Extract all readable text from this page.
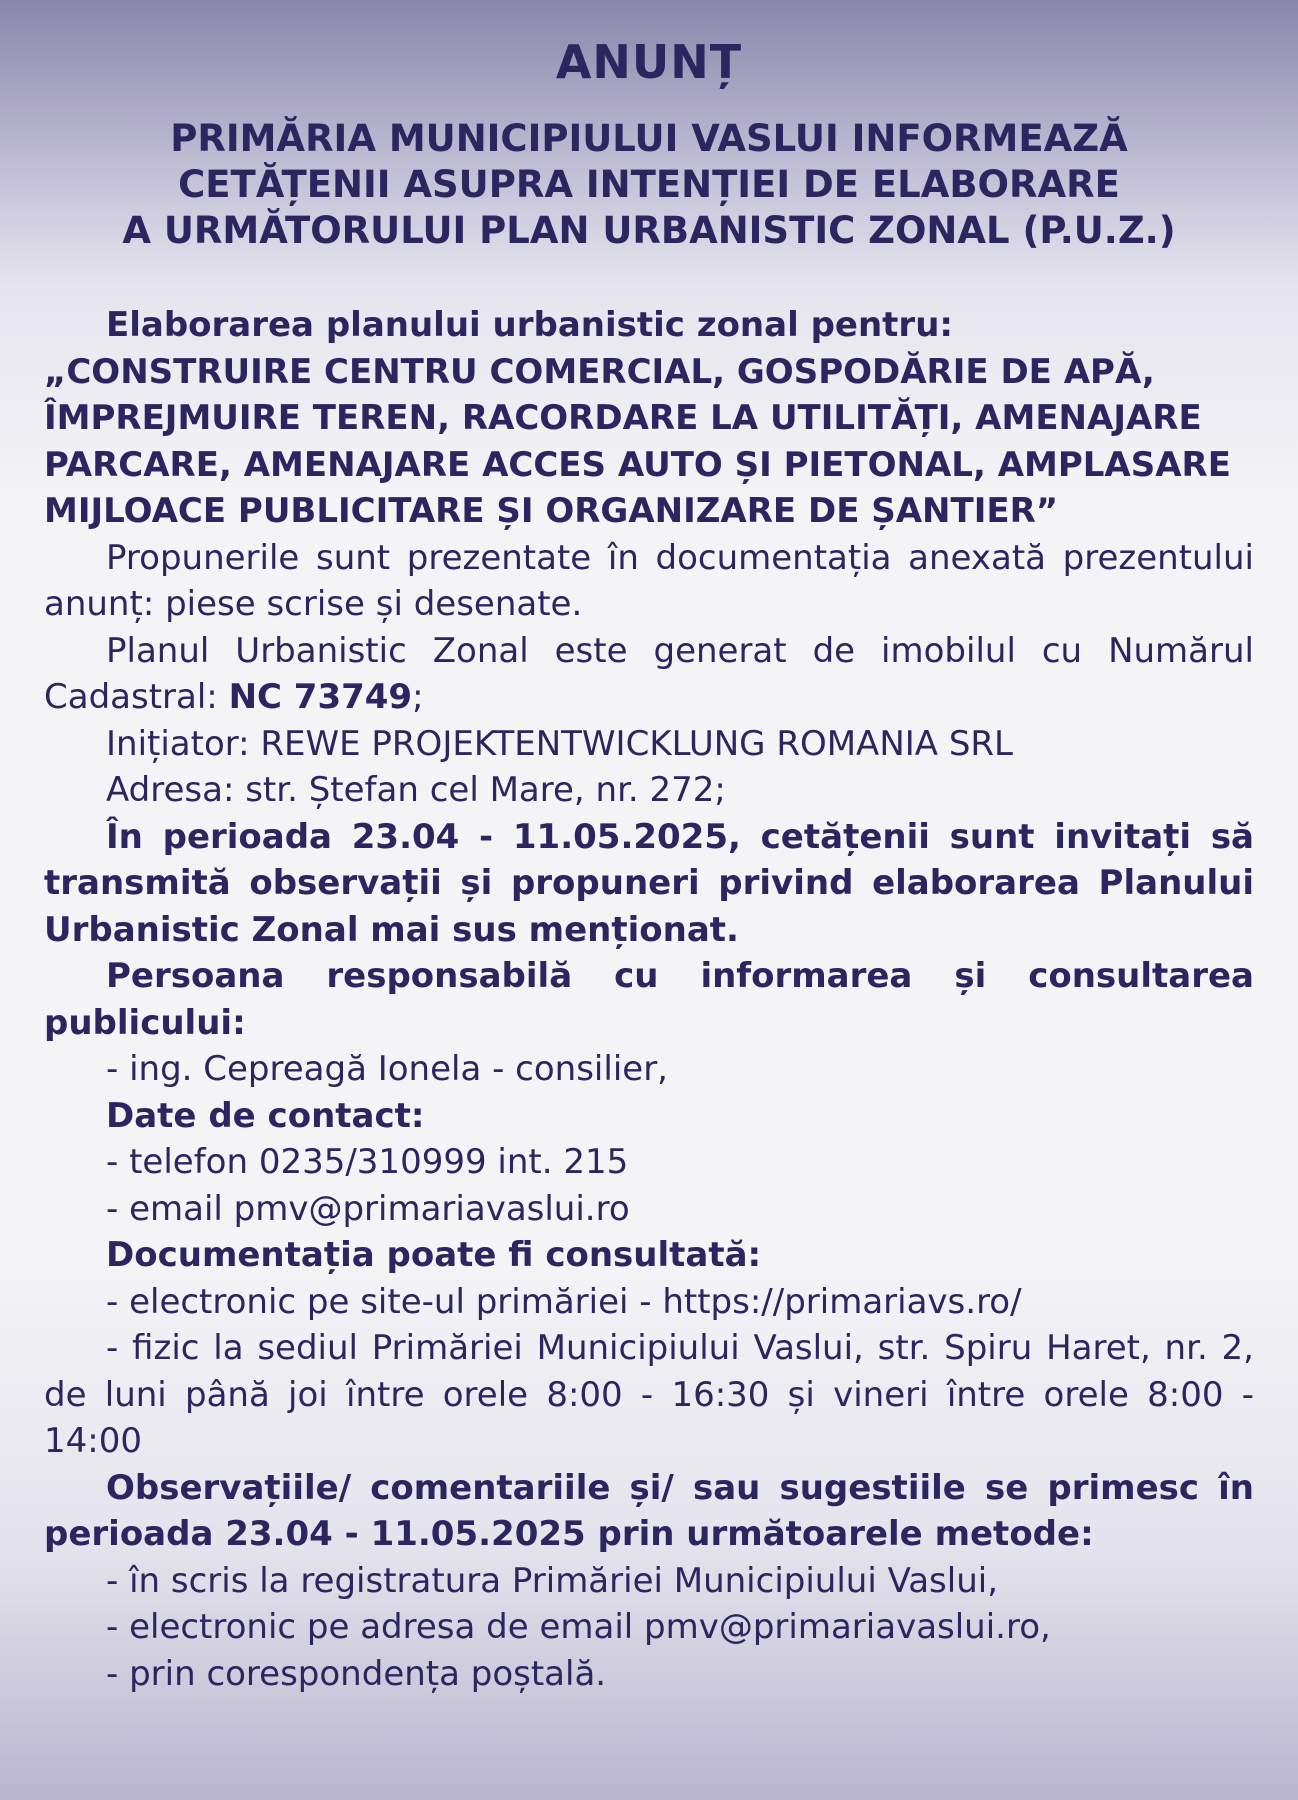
ANUNȚ
PRIMĂRIA MUNICIPIULUI VASLUI INFORMEAZĂ
CETĂȚENII ASUPRA INTENȚIEI DE ELABORARE
A URMĂTORULUI PLAN URBANISTIC ZONAL (P.U.Z.)

Elaborarea planului urbanistic zonal pentru:

„CONSTRUIRE CENTRU COMERCIAL, GOSPODĂRIE DE APĂ, ÎMPREJMUIRE TEREN, RACORDARE LA UTILITĂȚI, AMENAJARE PARCARE, AMENAJARE ACCES AUTO ȘI PIETONAL, AMPLASARE MIJLOACE PUBLICITARE ȘI ORGANIZARE DE ȘANTIER”

Propunerile sunt prezentate în documentația anexată prezentului anunț: piese scrise și desenate.

Planul Urbanistic Zonal este generat de imobilul cu Numărul Cadastral: NC 73749;

Inițiator: REWE PROJEKTENTWICKLUNG ROMANIA SRL

Adresa: str. Ștefan cel Mare, nr. 272;

În perioada 23.04 - 11.05.2025, cetățenii sunt invitați să transmită observații și propuneri privind elaborarea Planului Urbanistic Zonal mai sus menționat.

Persoana responsabilă cu informarea și consultarea publicului:

- ing. Cepreagă Ionela - consilier,

Date de contact:

- telefon 0235/310999 int. 215

- email pmv@primariavaslui.ro

Documentația poate fi consultată:

- electronic pe site-ul primăriei - https://primariavs.ro/

- fizic la sediul Primăriei Municipiului Vaslui, str. Spiru Haret, nr. 2, de luni până joi între orele 8:00 - 16:30 și vineri între orele 8:00 - 14:00

Observațiile/ comentariile și/ sau sugestiile se primesc în perioada 23.04 - 11.05.2025 prin următoarele metode:

- în scris la registratura Primăriei Municipiului Vaslui,

- electronic pe adresa de email pmv@primariavaslui.ro,

- prin corespondența poștală.
